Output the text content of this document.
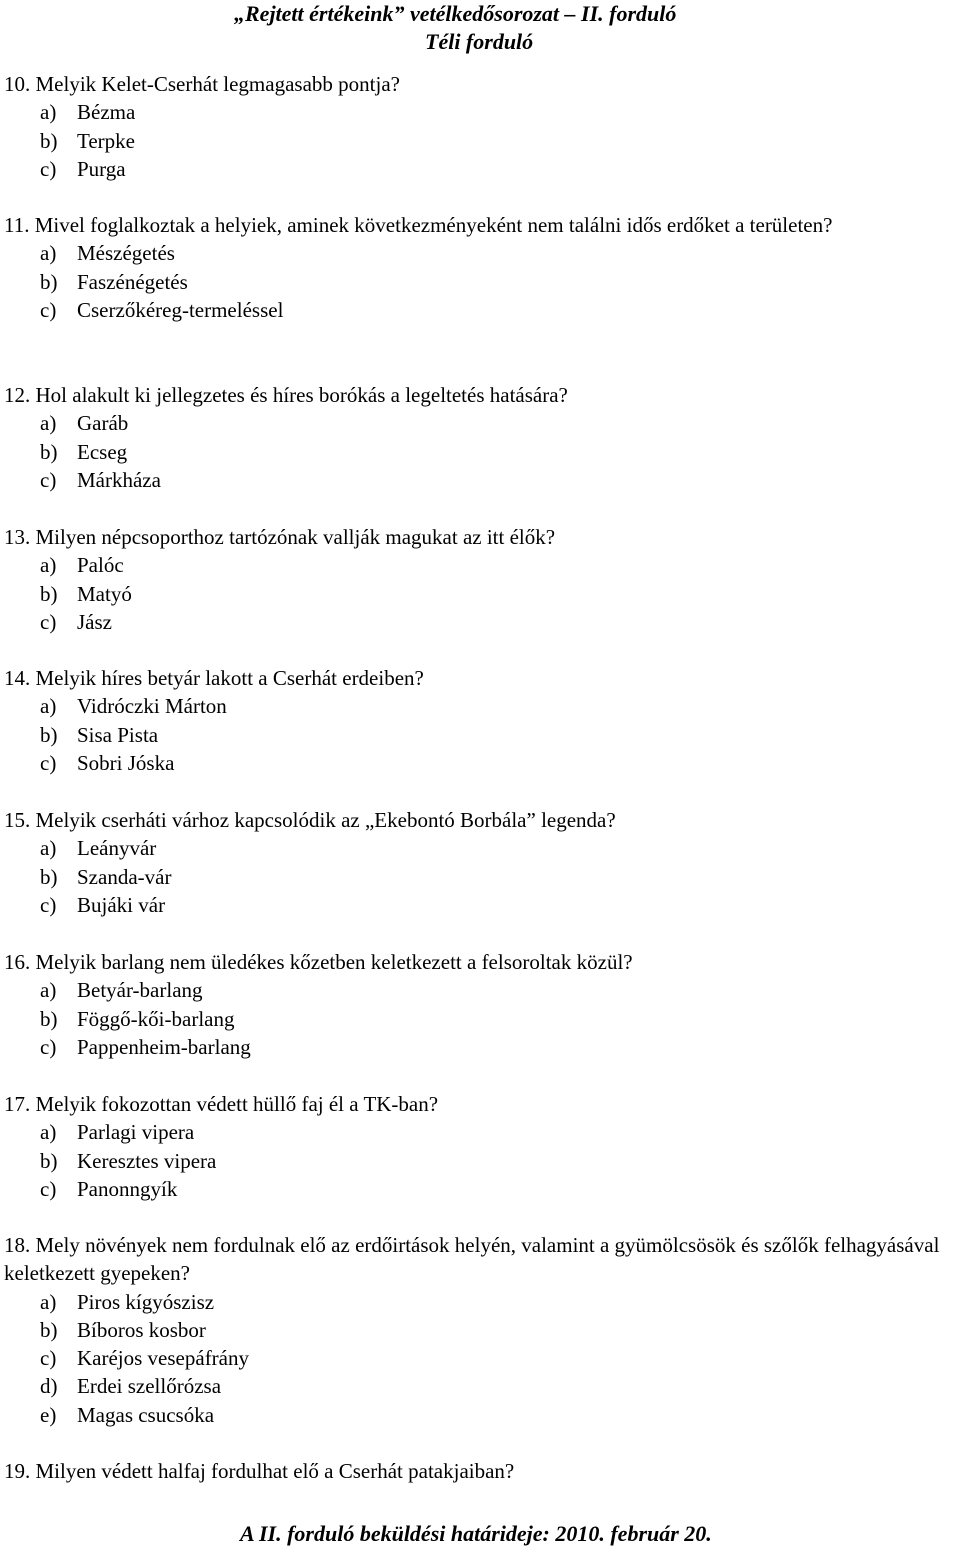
„Rejtett értékeink” vetélkedősorozat – II. forduló
Téli forduló
10. Melyik Kelet-Cserhát legmagasabb pontja?
a) Bézma
b) Terpke
c) Purga
11. Mivel foglalkoztak a helyiek, aminek következményeként nem találni idős erdőket a területen?
a) Mészégetés
b) Faszénégetés
c) Cserzőkéreg-termeléssel
12. Hol alakult ki jellegzetes és híres borókás a legeltetés hatására?
a) Garáb
b) Ecseg
c) Márkháza
13. Milyen népcsoporthoz tartózónak vallják magukat az itt élők?
a) Palóc
b) Matyó
c) Jász
14. Melyik híres betyár lakott a Cserhát erdeiben?
a) Vidróczki Márton
b) Sisa Pista
c) Sobri Jóska
15. Melyik cserháti várhoz kapcsolódik az „Ekebontó Borbála” legenda?
a) Leányvár
b) Szanda-vár
c) Bujáki vár
16. Melyik barlang nem üledékes kőzetben keletkezett a felsoroltak közül?
a) Betyár-barlang
b) Föggő-kői-barlang
c) Pappenheim-barlang
17. Melyik fokozottan védett hüllő faj él a TK-ban?
a) Parlagi vipera
b) Keresztes vipera
c) Panonngyík
18. Mely növények nem fordulnak elő az erdőirtások helyén, valamint a gyümölcsösök és szőlők felhagyásával keletkezett gyepeken?
a) Piros kígyószisz
b) Bíboros kosbor
c) Karéjos vesepáfrány
d) Erdei szellőrózsa
e) Magas csucsóka
19. Milyen védett halfaj fordulhat elő a Cserhát patakjaiban?
A II. forduló beküldési határideje: 2010. február 20.
